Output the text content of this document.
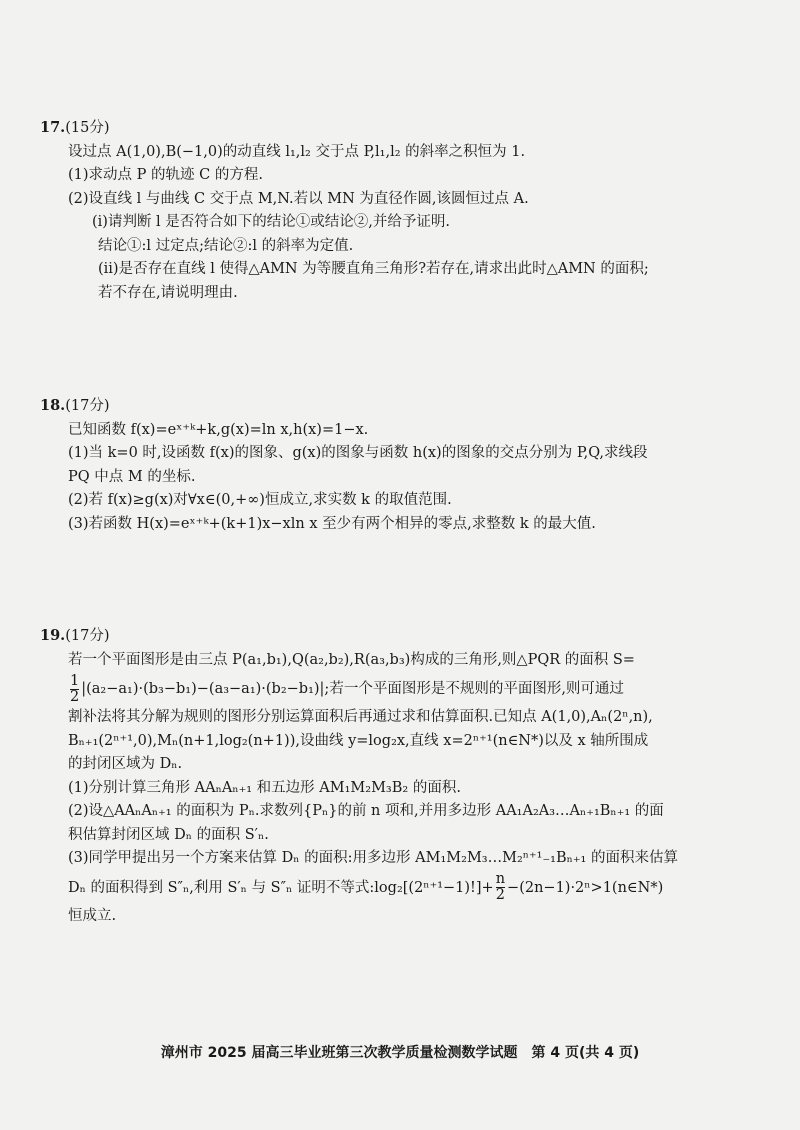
17.(15分)
设过点 A(1,0),B(−1,0)的动直线 l₁,l₂ 交于点 P,l₁,l₂ 的斜率之积恒为 1.
(1)求动点 P 的轨迹 C 的方程.
(2)设直线 l 与曲线 C 交于点 M,N.若以 MN 为直径作圆,该圆恒过点 A.
(ⅰ)请判断 l 是否符合如下的结论①或结论②,并给予证明.
结论①:l 过定点;结论②:l 的斜率为定值.
(ⅱ)是否存在直线 l 使得△AMN 为等腰直角三角形?若存在,请求出此时△AMN 的面积;
若不存在,请说明理由.
18.(17分)
已知函数 f(x)=eˣ⁺ᵏ+k,g(x)=ln x,h(x)=1−x.
(1)当 k=0 时,设函数 f(x)的图象、g(x)的图象与函数 h(x)的图象的交点分别为 P,Q,求线段
PQ 中点 M 的坐标.
(2)若 f(x)≥g(x)对∀x∈(0,+∞)恒成立,求实数 k 的取值范围.
(3)若函数 H(x)=eˣ⁺ᵏ+(k+1)x−xln x 至少有两个相异的零点,求整数 k 的最大值.
19.(17分)
若一个平面图形是由三点 P(a₁,b₁),Q(a₂,b₂),R(a₃,b₃)构成的三角形,则△PQR 的面积 S=
$\frac{1}{2} |(a_2-a_1)\cdot(b_3-b_1)-(a_3-a_1)\cdot(b_2-b_1)|$;若一个平面图形是不规则的平面图形,则可通过
割补法将其分解为规则的图形分别运算面积后再通过求和估算面积.已知点 A(1,0),Aₙ(2ⁿ,n),
Bₙ₊₁(2ⁿ⁺¹,0),Mₙ(n+1,log₂(n+1)),设曲线 y=log₂x,直线 x=2ⁿ⁺¹(n∈N*)以及 x 轴所围成
的封闭区域为 Dₙ.
(1)分别计算三角形 AAₙAₙ₊₁ 和五边形 AM₁M₂M₃B₂ 的面积.
(2)设△AAₙAₙ₊₁ 的面积为 Pₙ.求数列{Pₙ}的前 n 项和,并用多边形 AA₁A₂A₃…Aₙ₊₁Bₙ₊₁ 的面
积估算封闭区域 Dₙ 的面积 S′ₙ.
(3)同学甲提出另一个方案来估算 Dₙ 的面积:用多边形 AM₁M₂M₃…M₂ⁿ⁺¹₋₁Bₙ₊₁ 的面积来估算
Dₙ 的面积得到 S″ₙ,利用 S′ₙ 与 S″ₙ 证明不等式:log₂[(2ⁿ⁺¹−1)!]+ $\frac{n}{2}$ −(2n−1)·2ⁿ>1(n∈N*)
恒成立.
漳州市 2025 届高三毕业班第三次教学质量检测数学试题　第 4 页(共 4 页)
